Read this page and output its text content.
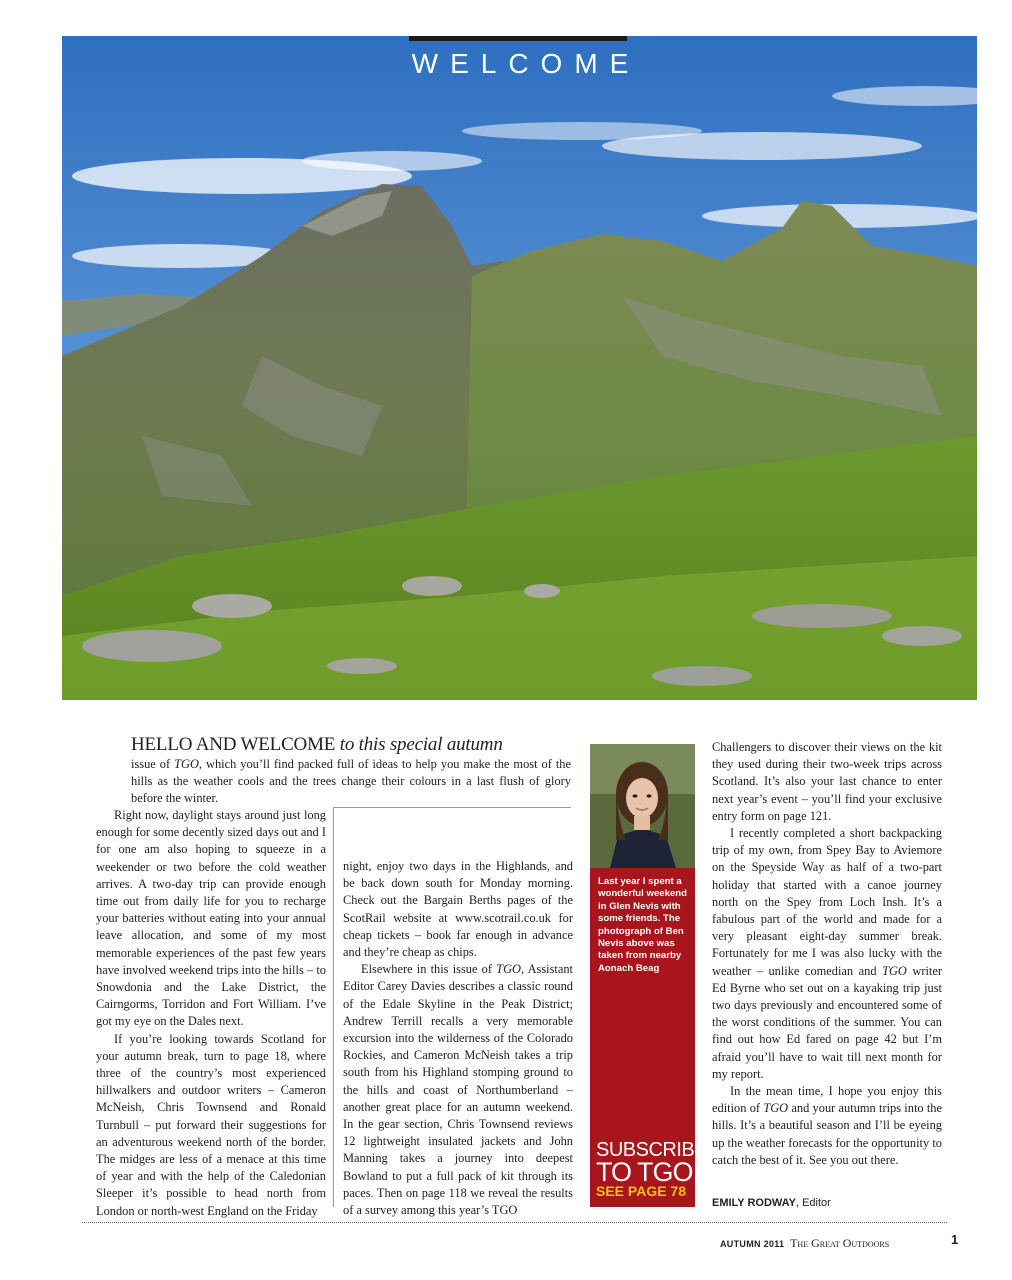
WELCOME
HELLO AND WELCOME to this special autumn

issue of TGO, which you’ll find packed full of ideas to help you make the most of the hills as the weather cools and the trees change their colours in a last flush of glory before the winter.

Right now, daylight stays around just long enough for some decently sized days out and I for one am also hoping to squeeze in a weekender or two before the cold weather arrives. A two-day trip can provide enough time out from daily life for you to recharge your batteries without eating into your annual leave allocation, and some of my most memorable experiences of the past few years have involved weekend trips into the hills – to Snowdonia and the Lake District, the Cairngorms, Torridon and Fort William. I’ve got my eye on the Dales next.

If you’re looking towards Scotland for your autumn break, turn to page 18, where three of the country’s most experienced hillwalkers and outdoor writers – Cameron McNeish, Chris Townsend and Ronald Turnbull – put forward their suggestions for an adventurous weekend north of the border. The midges are less of a menace at this time of year and with the help of the Caledonian Sleeper it’s possible to head north from London or north-west England on the Friday

night, enjoy two days in the Highlands, and be back down south for Monday morning. Check out the Bargain Berths pages of the ScotRail website at www.scotrail.co.uk for cheap tickets – book far enough in advance and they’re cheap as chips.

Elsewhere in this issue of TGO, Assistant Editor Carey Davies describes a classic round of the Edale Skyline in the Peak District; Andrew Terrill recalls a very memorable excursion into the wilderness of the Colorado Rockies, and Cameron McNeish takes a trip south from his Highland stomping ground to the hills and coast of Northumberland – another great place for an autumn weekend. In the gear section, Chris Townsend reviews 12 lightweight insulated jackets and John Manning takes a journey into deepest Bowland to put a full pack of kit through its paces. Then on page 118 we reveal the results of a survey among this year’s TGO

Last year I spent a wonderful weekend in Glen Nevis with some friends. The photograph of Ben Nevis above was taken from nearby Aonach Beag
SUBSCRIBE
TO TGO
SEE PAGE 78

Challengers to discover their views on the kit they used during their two-week trips across Scotland. It’s also your last chance to enter next year’s event – you’ll find your exclusive entry form on page 121.

I recently completed a short backpacking trip of my own, from Spey Bay to Aviemore on the Speyside Way as half of a two-part holiday that started with a canoe journey north on the Spey from Loch Insh. It’s a fabulous part of the world and made for a very pleasant eight-day summer break. Fortunately for me I was also lucky with the weather – unlike comedian and TGO writer Ed Byrne who set out on a kayaking trip just two days previously and encountered some of the worst conditions of the summer. You can find out how Ed fared on page 42 but I’m afraid you’ll have to wait till next month for my report.

In the mean time, I hope you enjoy this edition of TGO and your autumn trips into the hills. It’s a beautiful season and I’ll be eyeing up the weather forecasts for the opportunity to catch the best of it. See you out there.

EMILY RODWAY, Editor
AUTUMN 2011 The Great Outdoors	1
